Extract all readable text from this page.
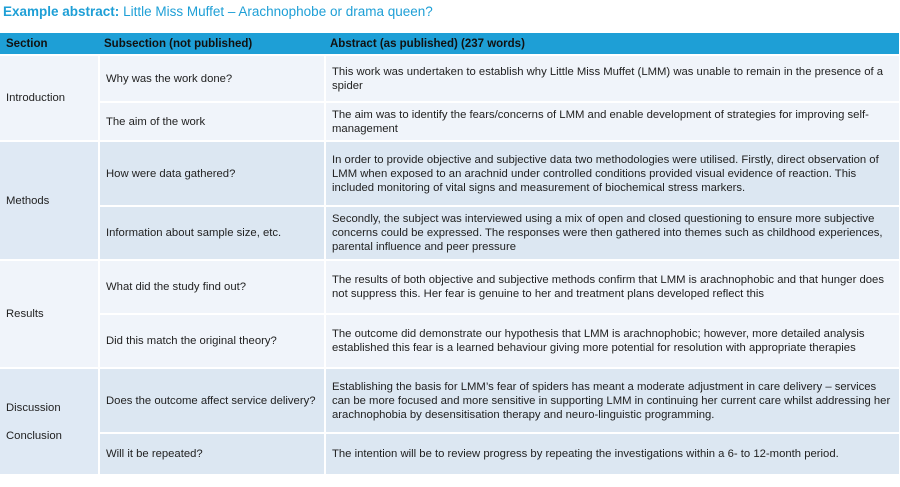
Example abstract: Little Miss Muffet – Arachnophobe or drama queen?
Section	Subsection (not published)	Abstract (as published) (237 words)
Introduction	Why was the work done?	This work was undertaken to establish why Little Miss Muffet (LMM) was unable to remain in the presence of a spider
	The aim of the work	The aim was to identify the fears/concerns of LMM and enable development of strategies for improving self-management
Methods	How were data gathered?	In order to provide objective and subjective data two methodologies were utilised. Firstly, direct observation of LMM when exposed to an arachnid under controlled conditions provided visual evidence of reaction. This included monitoring of vital signs and measurement of biochemical stress markers.
	Information about sample size, etc.	Secondly, the subject was interviewed using a mix of open and closed questioning to ensure more subjective concerns could be expressed. The responses were then gathered into themes such as childhood experiences, parental influence and peer pressure
Results	What did the study find out?	The results of both objective and subjective methods confirm that LMM is arachnophobic and that hunger does not suppress this. Her fear is genuine to her and treatment plans developed reflect this
	Did this match the original theory?	The outcome did demonstrate our hypothesis that LMM is arachnophobic; however, more detailed analysis established this fear is a learned behaviour giving more potential for resolution with appropriate therapies

Discussion
Conclusion	Does the outcome affect service delivery?	Establishing the basis for LMM’s fear of spiders has meant a moderate adjustment in care delivery – services can be more focused and more sensitive in supporting LMM in continuing her current care whilst addressing her arachnophobia by desensitisation therapy and neuro-linguistic programming.
	Will it be repeated?	The intention will be to review progress by repeating the investigations within a 6- to 12-month period.
